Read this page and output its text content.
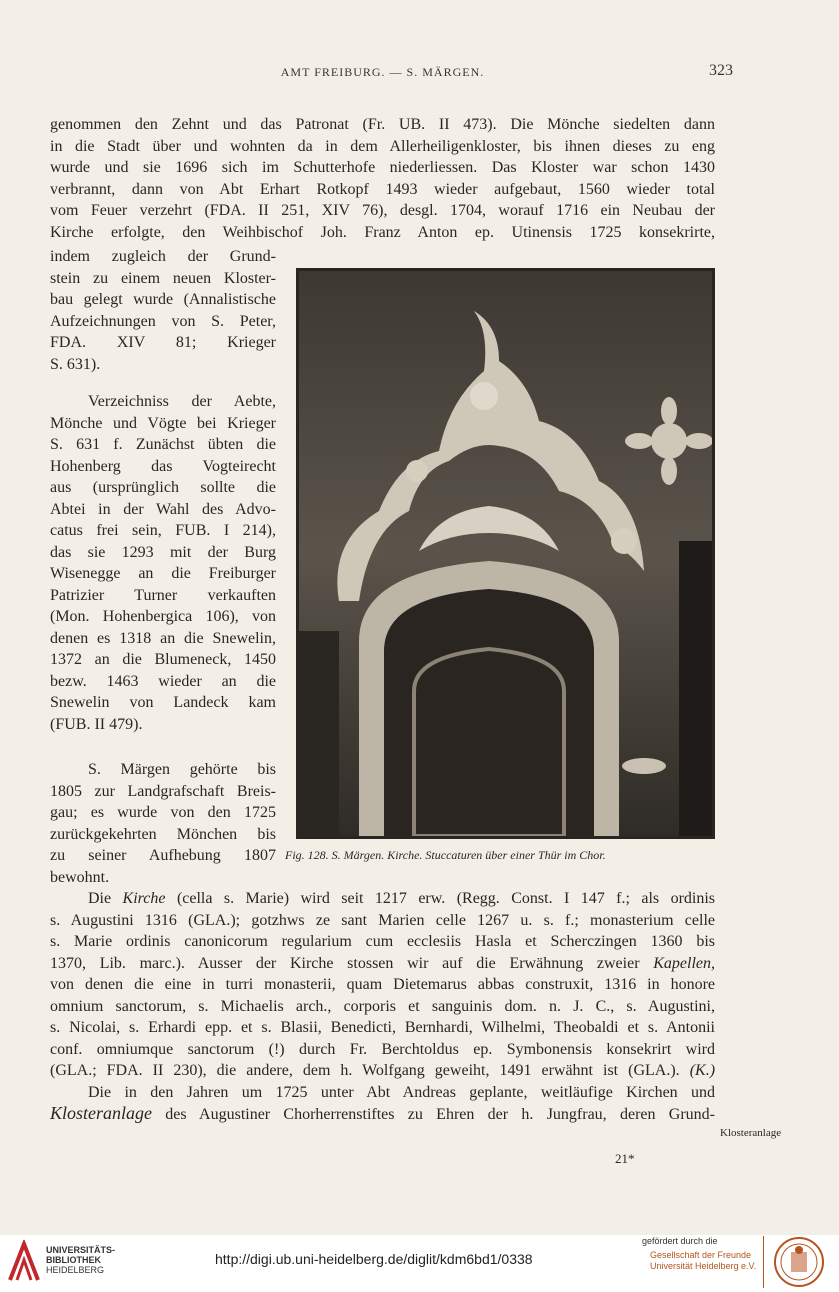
AMT FREIBURG. — S. MÄRGEN.	323
genommen den Zehnt und das Patronat (Fr. UB. II 473). Die Mönche siedelten dann
in die Stadt über und wohnten da in dem Allerheiligenkloster, bis ihnen dieses zu eng
wurde und sie 1696 sich im Schutterhofe niederliessen. Das Kloster war schon 1430
verbrannt, dann von Abt Erhart Rotkopf 1493 wieder aufgebaut, 1560 wieder total
vom Feuer verzehrt (FDA. II 251, XIV 76), desgl. 1704, worauf 1716 ein Neubau der
Kirche erfolgte, den Weihbischof Joh. Franz Anton ep. Utinensis 1725 konsekrirte,
indem zugleich der Grund-
stein zu einem neuen Kloster-
bau gelegt wurde (Annalistische
Aufzeichnungen von S. Peter,
FDA. XIV 81; Krieger
S. 631).
Verzeichniss der Aebte,
Mönche und Vögte bei Krieger
S. 631 f. Zunächst übten die
Hohenberg das Vogteirecht
aus (ursprünglich sollte die
Abtei in der Wahl des Advo-
catus frei sein, FUB. I 214),
das sie 1293 mit der Burg
Wisenegge an die Freiburger
Patrizier Turner verkauften
(Mon. Hohenbergica 106), von
denen es 1318 an die Snewelin,
1372 an die Blumeneck, 1450
bezw. 1463 wieder an die
Snewelin von Landeck kam
(FUB. II 479).
S. Märgen gehörte bis
1805 zur Landgrafschaft Breis-
gau; es wurde von den 1725
zurückgekehrten Mönchen bis
zu seiner Aufhebung 1807
bewohnt.
Fig. 128. S. Märgen. Kirche. Stuccaturen über einer Thür im Chor.
Die Kirche (cella s. Marie) wird seit 1217 erw. (Regg. Const. I 147 f.; als ordinis
s. Augustini 1316 (GLA.); gotzhws ze sant Marien celle 1267 u. s. f.; monasterium celle
s. Marie ordinis canonicorum regularium cum ecclesiis Hasla et Scherczingen 1360 bis
1370, Lib. marc.). Ausser der Kirche stossen wir auf die Erwähnung zweier Kapellen,
von denen die eine in turri monasterii, quam Dietemarus abbas construxit, 1316 in honore
omnium sanctorum, s. Michaelis arch., corporis et sanguinis dom. n. J. C., s. Augustini,
s. Nicolai, s. Erhardi epp. et s. Blasii, Benedicti, Bernhardi, Wilhelmi, Theobaldi et s. Antonii
conf. omniumque sanctorum (!) durch Fr. Berchtoldus ep. Symbonensis konsekrirt wird
(GLA.; FDA. II 230), die andere, dem h. Wolfgang geweiht, 1491 erwähnt ist (GLA.). (K.)
Die in den Jahren um 1725 unter Abt Andreas geplante, weitläufige Kirchen und
Klosteranlage des Augustiner Chorherrenstiftes zu Ehren der h. Jungfrau, deren Grund-
Klosteranlage
21*
UNIVERSITÄTS-
BIBLIOTHEK
HEIDELBERG
http://digi.ub.uni-heidelberg.de/diglit/kdm6bd1/0338
gefördert durch die
Gesellschaft der Freunde
Universität Heidelberg e.V.
